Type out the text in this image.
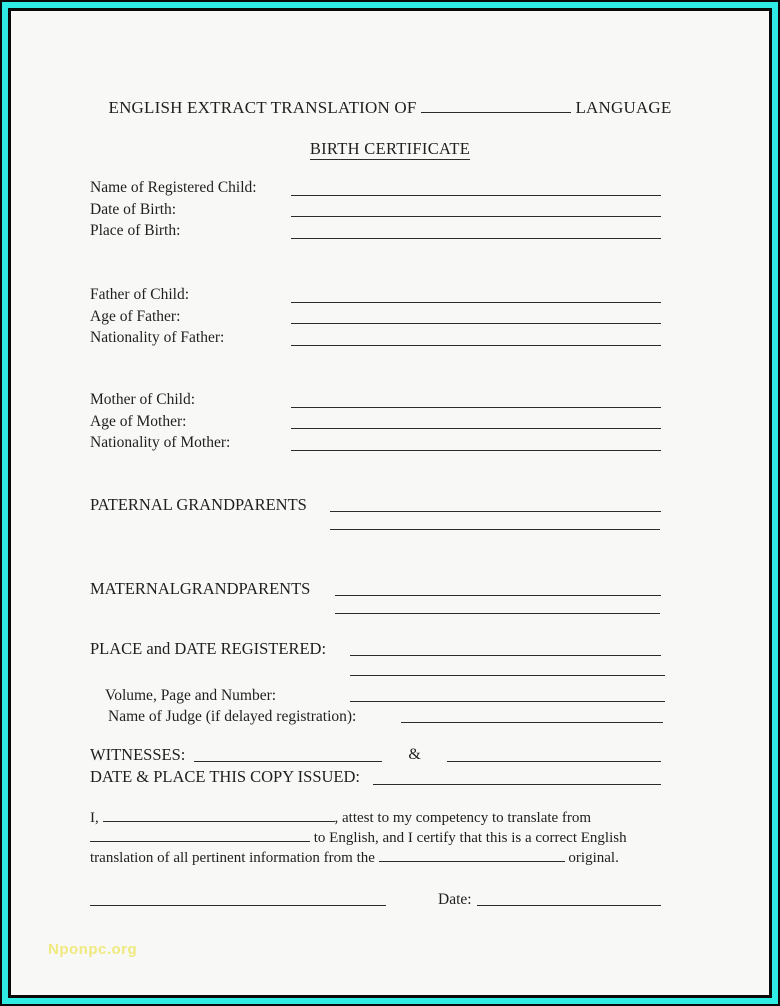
ENGLISH EXTRACT TRANSLATION OF	LANGUAGE
BIRTH CERTIFICATE
Name of Registered Child:
Date of Birth:
Place of Birth:
Father of Child:
Age of Father:
Nationality of Father:
Mother of Child:
Age of Mother:
Nationality of Mother:
PATERNAL GRANDPARENTS
MATERNALGRANDPARENTS
PLACE and DATE REGISTERED:
Volume, Page and Number:
Name of Judge (if delayed registration):
WITNESSES:	&
DATE & PLACE THIS COPY ISSUED:
I,	, attest to my competency to translate from
to English, and I certify that this is a correct English
translation of all pertinent information from the	original.
Date:
Nponpc.org
